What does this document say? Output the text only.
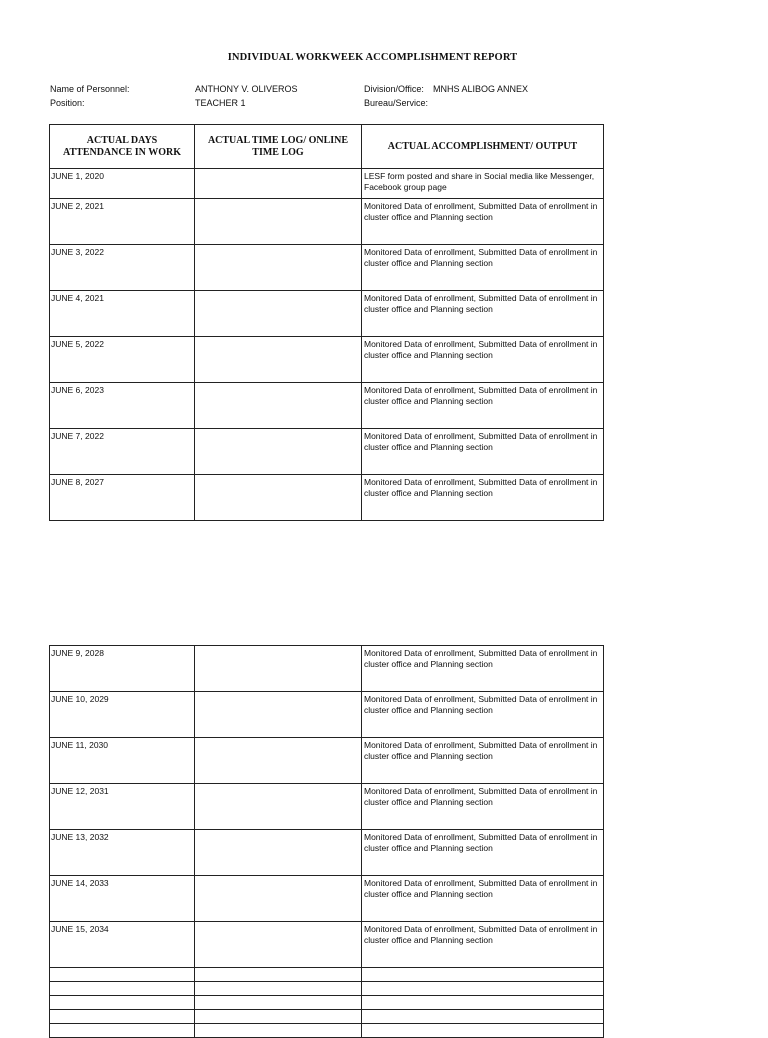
INDIVIDUAL WORKWEEK ACCOMPLISHMENT REPORT
Name of Personnel:	ANTHONY V. OLIVEROS	Division/Office: MNHS ALIBOG ANNEX
Position:	TEACHER 1	Bureau/Service:
ACTUAL DAYS ATTENDANCE IN WORK	ACTUAL TIME LOG/ ONLINE TIME LOG	ACTUAL ACCOMPLISHMENT/ OUTPUT
JUNE 1, 2020		LESF form posted and share in Social media like Messenger, Facebook group page
JUNE 2, 2021		Monitored Data of enrollment, Submitted Data of enrollment in cluster office and Planning section
JUNE 3, 2022		Monitored Data of enrollment, Submitted Data of enrollment in cluster office and Planning section
JUNE 4, 2021		Monitored Data of enrollment, Submitted Data of enrollment in cluster office and Planning section
JUNE 5, 2022		Monitored Data of enrollment, Submitted Data of enrollment in cluster office and Planning section
JUNE 6, 2023		Monitored Data of enrollment, Submitted Data of enrollment in cluster office and Planning section
JUNE 7, 2022		Monitored Data of enrollment, Submitted Data of enrollment in cluster office and Planning section
JUNE 8, 2027		Monitored Data of enrollment, Submitted Data of enrollment in cluster office and Planning section
JUNE 9, 2028		Monitored Data of enrollment, Submitted Data of enrollment in cluster office and Planning section
JUNE 10, 2029		Monitored Data of enrollment, Submitted Data of enrollment in cluster office and Planning section
JUNE 11, 2030		Monitored Data of enrollment, Submitted Data of enrollment in cluster office and Planning section
JUNE 12, 2031		Monitored Data of enrollment, Submitted Data of enrollment in cluster office and Planning section
JUNE 13, 2032		Monitored Data of enrollment, Submitted Data of enrollment in cluster office and Planning section
JUNE 14, 2033		Monitored Data of enrollment, Submitted Data of enrollment in cluster office and Planning section
JUNE 15, 2034		Monitored Data of enrollment, Submitted Data of enrollment in cluster office and Planning section
